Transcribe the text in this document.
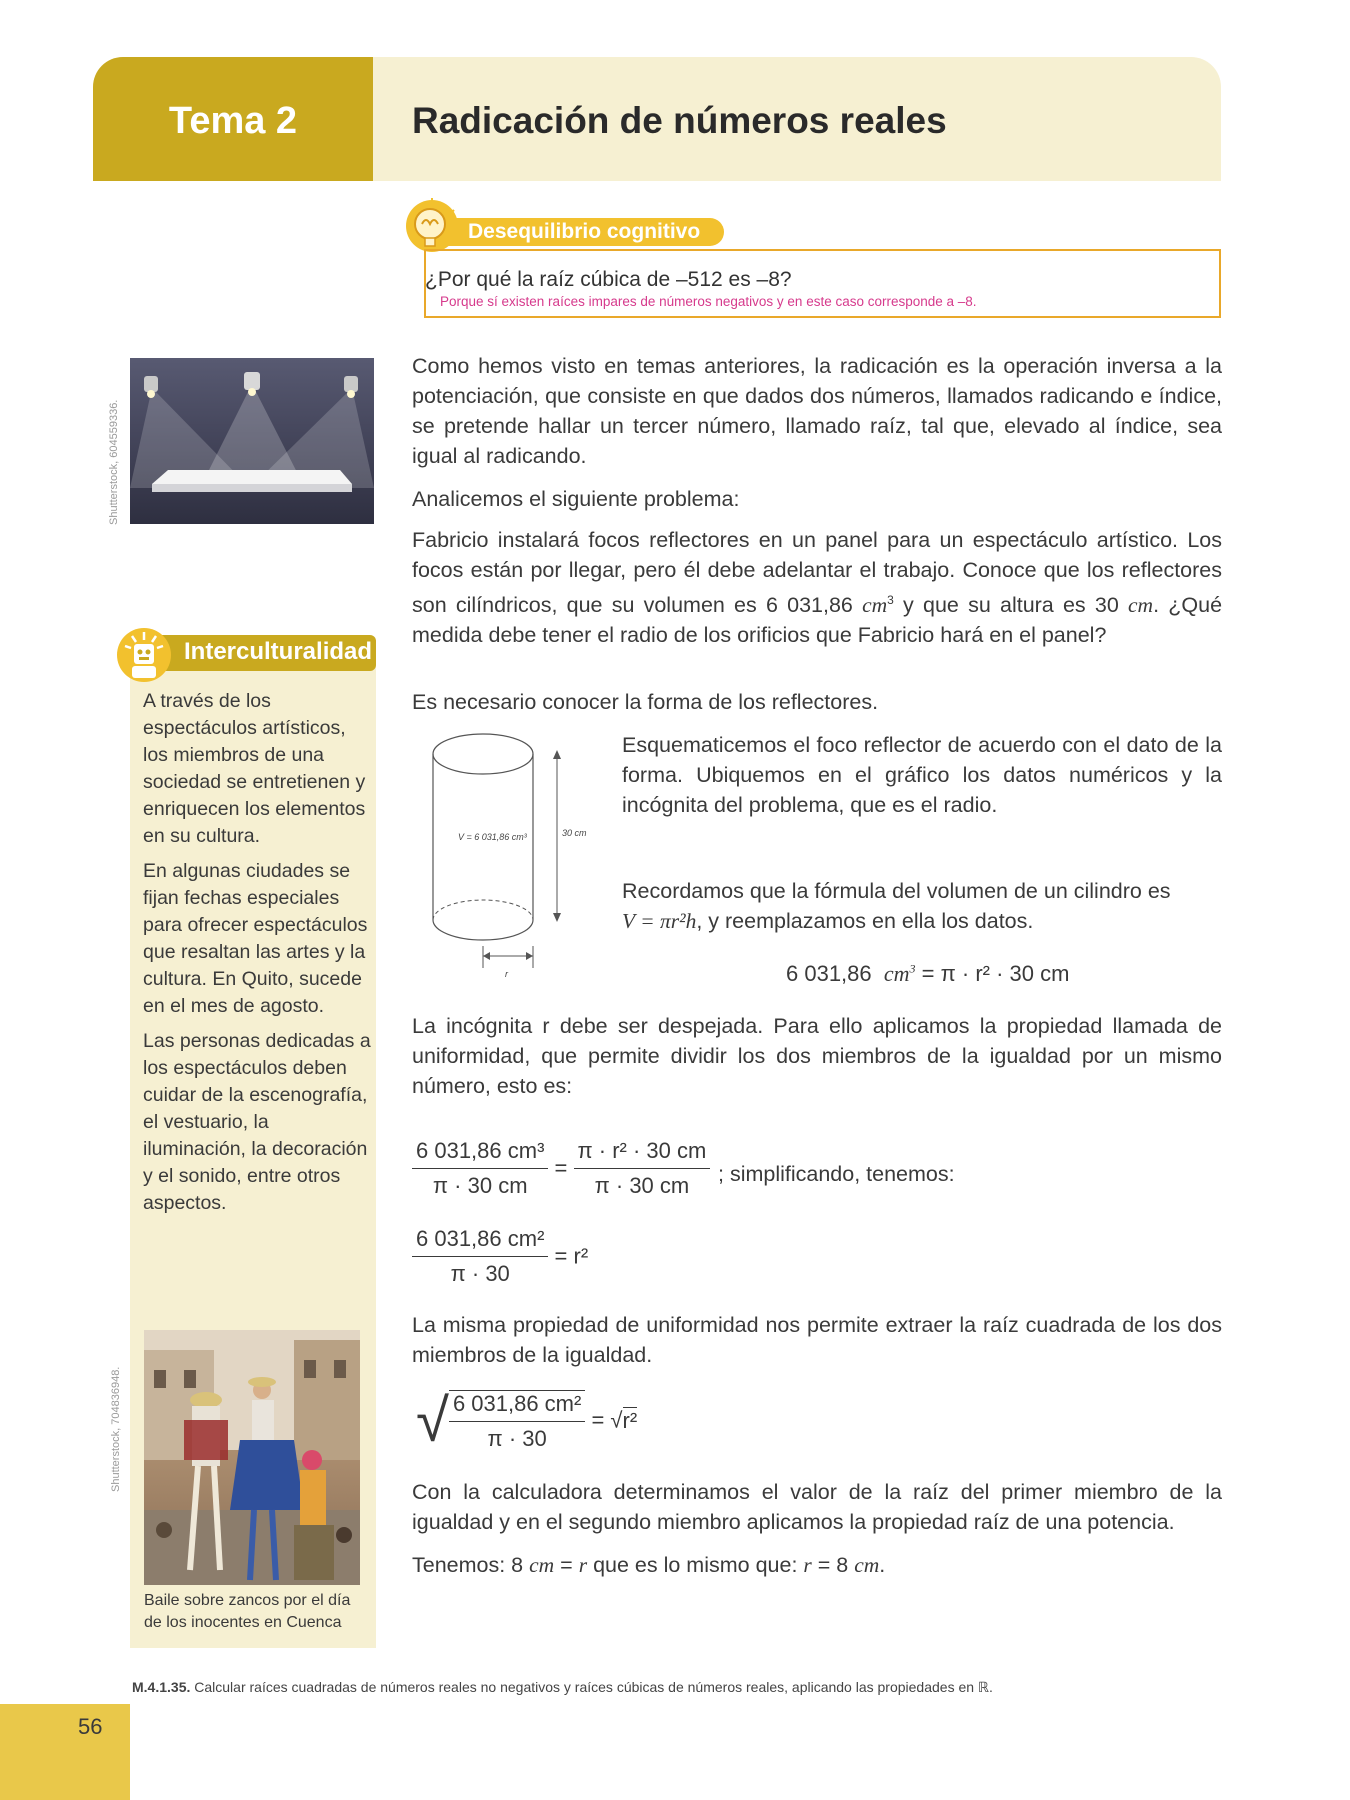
Tema 2	Radicación de números reales
Desequilibrio cognitivo
¿Por qué la raíz cúbica de –512 es –8?
Porque sí existen raíces impares de números negativos y en este caso corresponde a –8.
Shutterstock, 604559336.
Interculturalidad

A través de los espectáculos artísticos, los miembros de una sociedad se entretienen y enriquecen los elementos en su cultura.

En algunas ciudades se fijan fechas especiales para ofrecer espectáculos que resaltan las artes y la cultura. En Quito, sucede en el mes de agosto.

Las personas dedicadas a los espectáculos deben cuidar de la escenografía, el vestuario, la iluminación, la decoración y el sonido, entre otros aspectos.

Shutterstock, 704836948.
Baile sobre zancos por el día de los inocentes en Cuenca
Como hemos visto en temas anteriores, la radicación es la operación inversa a la potenciación, que consiste en que dados dos números, llamados radicando e índice, se pretende hallar un tercer número, llamado raíz, tal que, elevado al índice, sea igual al radicando.
Analicemos el siguiente problema:
Fabricio instalará focos reflectores en un panel para un espectáculo artístico. Los focos están por llegar, pero él debe adelantar el trabajo. Conoce que los reflectores son cilíndricos, que su volumen es 6 031,86 $cm^3$ y que su altura es 30 cm. ¿Qué medida debe tener el radio de los orificios que Fabricio hará en el panel?
Es necesario conocer la forma de los reflectores.
V = 6 031,86 cm³	30 cm
r
Esquematicemos el foco reflector de acuerdo con el dato de la forma. Ubiquemos en el gráfico los datos numéricos y la incógnita del problema, que es el radio.
Recordamos que la fórmula del volumen de un cilindro es
V = πr²h, y reemplazamos en ella los datos.
6 031,86 $cm^3 = \pi \cdot r^2 \cdot 30$ cm
La incógnita r debe ser despejada. Para ello aplicamos la propiedad llamada de uniformidad, que permite dividir los dos miembros de la igualdad por un mismo número, esto es:
$\frac{\text{6 031,86 cm³}}{\pi \cdot 30 cm} = \frac{\text{π · r² · 30 cm}}{\pi \cdot 30 cm}$ ; simplificando, tenemos:
$\frac{\text{6 031,86 cm²}}{\pi \cdot 30} = r^2$
La misma propiedad de uniformidad nos permite extraer la raíz cuadrada de los dos miembros de la igualdad.
√ $\frac{\text{6 031,86 cm²}}{\pi \cdot 30} = √r^2$
Con la calculadora determinamos el valor de la raíz del primer miembro de la igualdad y en el segundo miembro aplicamos la propiedad raíz de una potencia.
Tenemos: 8 cm = r que es lo mismo que: r = 8 cm.
M.4.1.35. Calcular raíces cuadradas de números reales no negativos y raíces cúbicas de números reales, aplicando las propiedades en ℝ.
56
